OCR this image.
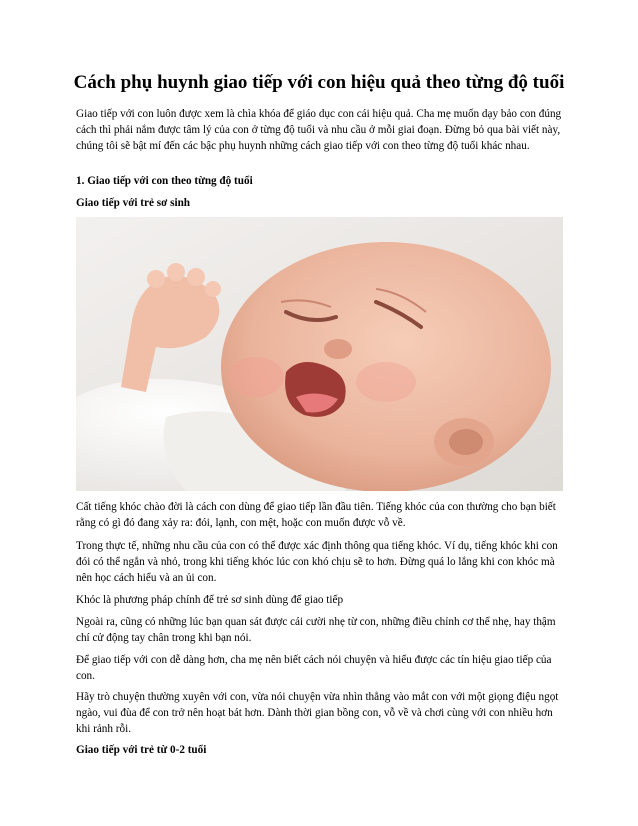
Cách phụ huynh giao tiếp với con hiệu quả theo từng độ tuổi

Giao tiếp với con luôn được xem là chìa khóa để giáo dục con cái hiệu quả. Cha mẹ muốn dạy bảo con đúng cách thì phải nắm được tâm lý của con ở từng độ tuổi và nhu cầu ở mỗi giai đoạn. Đừng bỏ qua bài viết này, chúng tôi sẽ bật mí đến các bậc phụ huynh những cách giao tiếp với con theo từng độ tuổi khác nhau.

1. Giao tiếp với con theo từng độ tuổi

Giao tiếp với trẻ sơ sinh

Cất tiếng khóc chào đời là cách con dùng để giao tiếp lần đầu tiên. Tiếng khóc của con thường cho bạn biết rằng có gì đó đang xảy ra: đói, lạnh, con mệt, hoặc con muốn được vỗ về.

Trong thực tế, những nhu cầu của con có thể được xác định thông qua tiếng khóc. Ví dụ, tiếng khóc khi con đói có thể ngắn và nhỏ, trong khi tiếng khóc lúc con khó chịu sẽ to hơn. Đừng quá lo lắng khi con khóc mà nên học cách hiểu và an ủi con.

Khóc là phương pháp chính để trẻ sơ sinh dùng để giao tiếp

Ngoài ra, cũng có những lúc bạn quan sát được cái cười nhẹ từ con, những điều chỉnh cơ thể nhẹ, hay thậm chí cử động tay chân trong khi bạn nói.

Để giao tiếp với con dễ dàng hơn, cha mẹ nên biết cách nói chuyện và hiểu được các tín hiệu giao tiếp của con.

Hãy trò chuyện thường xuyên với con, vừa nói chuyện vừa nhìn thẳng vào mắt con với một giọng điệu ngọt ngào, vui đùa để con trở nên hoạt bát hơn. Dành thời gian bồng con, vỗ về và chơi cùng với con nhiều hơn khi rảnh rỗi.

Giao tiếp với trẻ từ 0-2 tuổi
